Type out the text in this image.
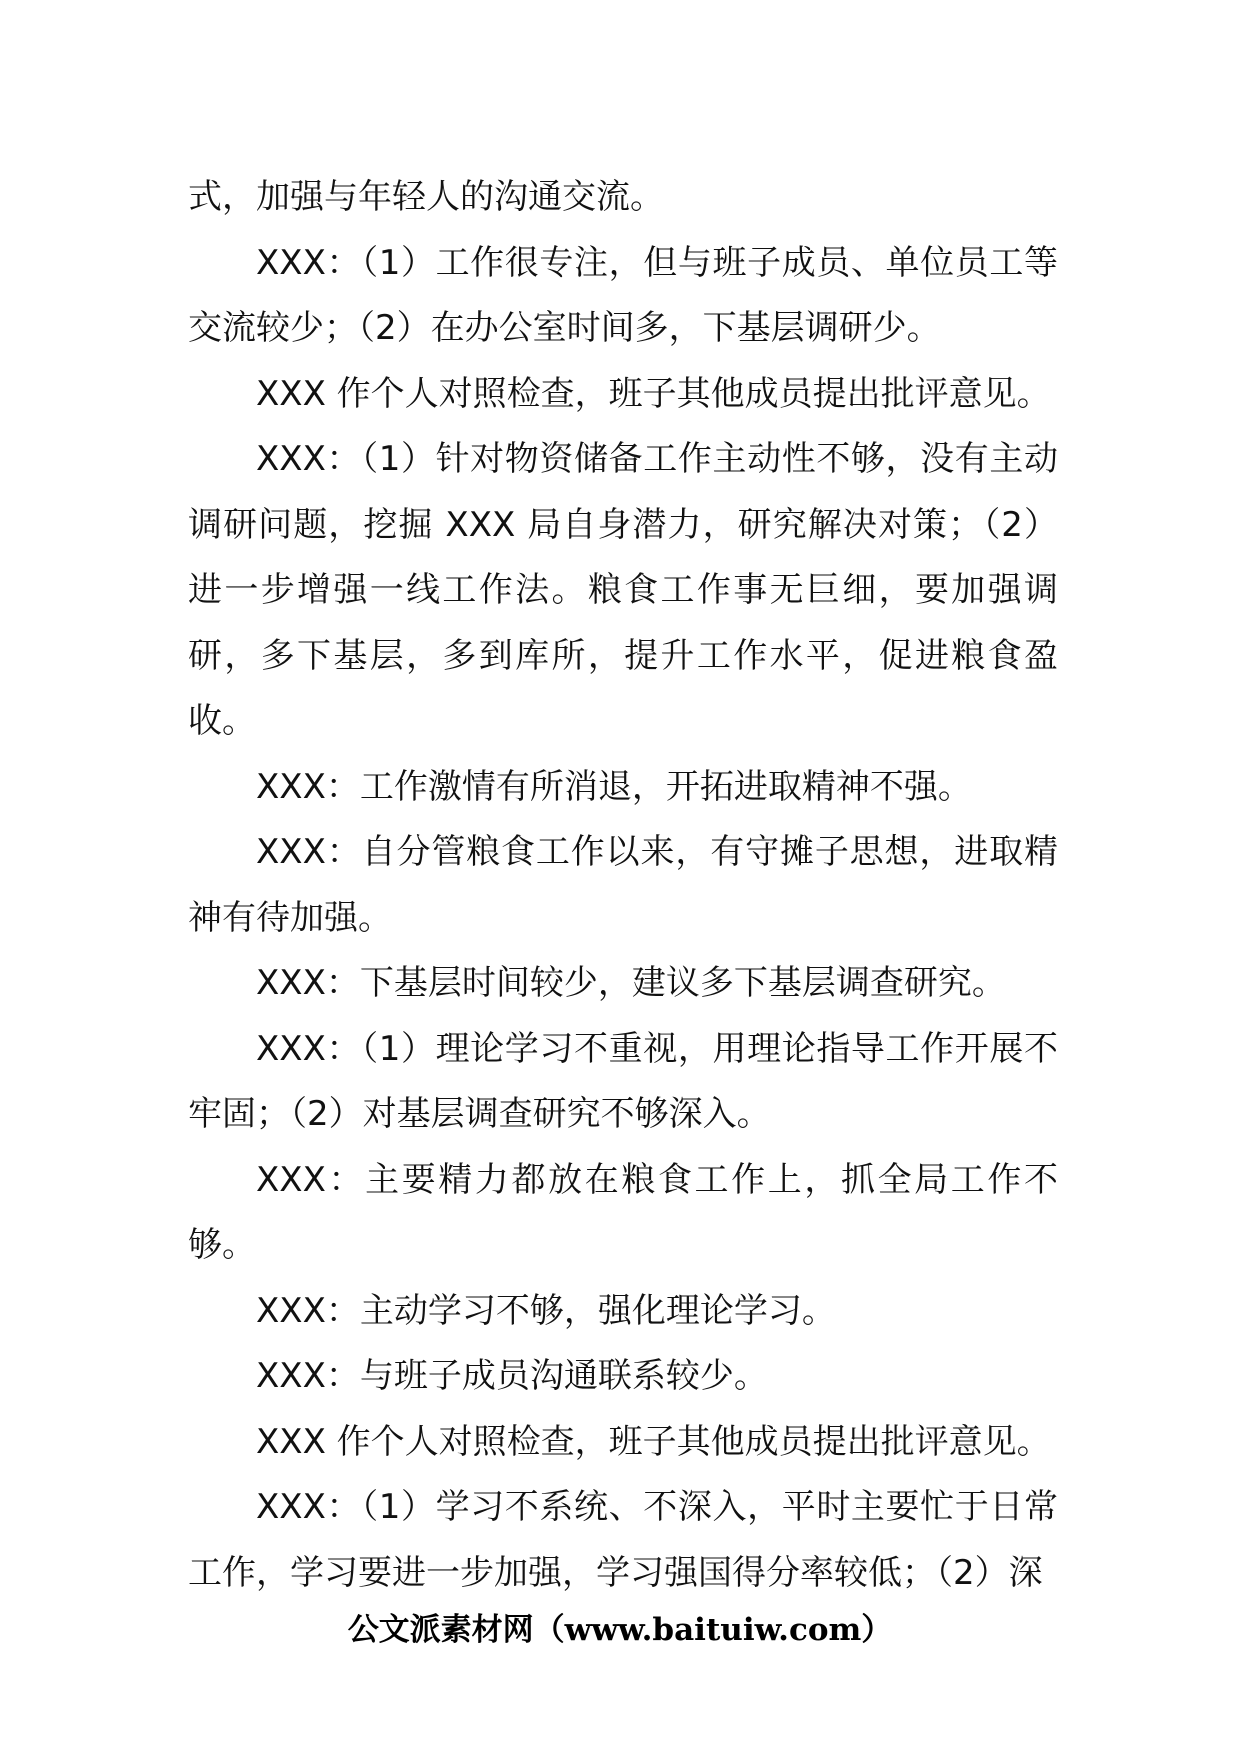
式，加强与年轻人的沟通交流。

XXX：（1）工作很专注，但与班子成员、单位员工等交流较少；（2）在办公室时间多，下基层调研少。

XXX 作个人对照检查，班子其他成员提出批评意见。

XXX：（1）针对物资储备工作主动性不够，没有主动调研问题，挖掘 XXX 局自身潜力，研究解决对策；（2）进一步增强一线工作法。粮食工作事无巨细，要加强调研，多下基层，多到库所，提升工作水平，促进粮食盈收。

XXX：工作激情有所消退，开拓进取精神不强。

XXX：自分管粮食工作以来，有守摊子思想，进取精神有待加强。

XXX：下基层时间较少，建议多下基层调查研究。

XXX：（1）理论学习不重视，用理论指导工作开展不牢固；（2）对基层调查研究不够深入。

XXX：主要精力都放在粮食工作上，抓全局工作不够。

XXX：主动学习不够，强化理论学习。

XXX：与班子成员沟通联系较少。

XXX 作个人对照检查，班子其他成员提出批评意见。

XXX：（1）学习不系统、不深入，平时主要忙于日常工作，学习要进一步加强，学习强国得分率较低；（2）深

公文派素材网（www.baituiw.com）
